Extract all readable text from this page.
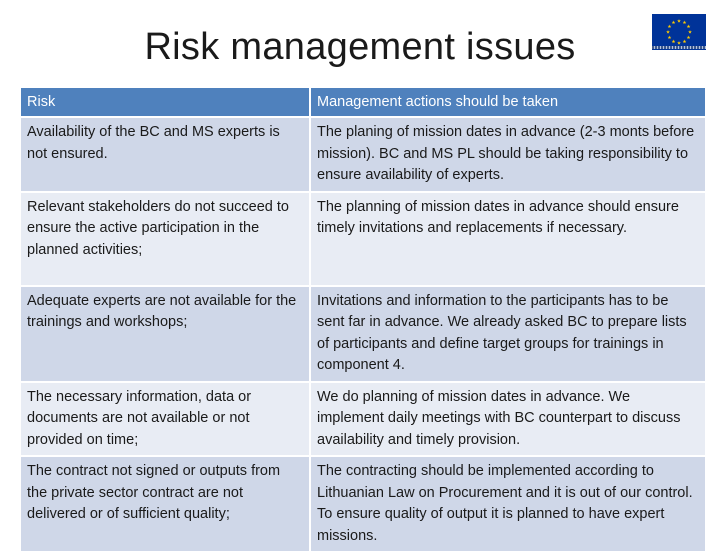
Risk management issues
Risk	Management actions should be taken
Availability of the BC and MS experts is not ensured.	The planing of mission dates in advance (2-3 monts before mission). BC and MS PL should be taking responsibility to ensure availability of experts.
Relevant stakeholders do not succeed to ensure the active participation in the planned activities;	The planning of mission dates in advance should ensure timely invitations and replacements if necessary.
Adequate experts are not available for the trainings and workshops;	Invitations and information to the participants has to be sent far in advance. We already asked BC to prepare lists of participants and define target groups for trainings in component 4.
The necessary information, data or documents are not available or not provided on time;	We do planning of mission dates in advance. We implement daily meetings with BC counterpart to discuss availability and timely provision.
The contract not signed or outputs from the private sector contract are not delivered or of sufficient quality;	The contracting should be implemented according to Lithuanian Law on Procurement and it is out of our control. To ensure quality of output it is planned to have expert missions.
